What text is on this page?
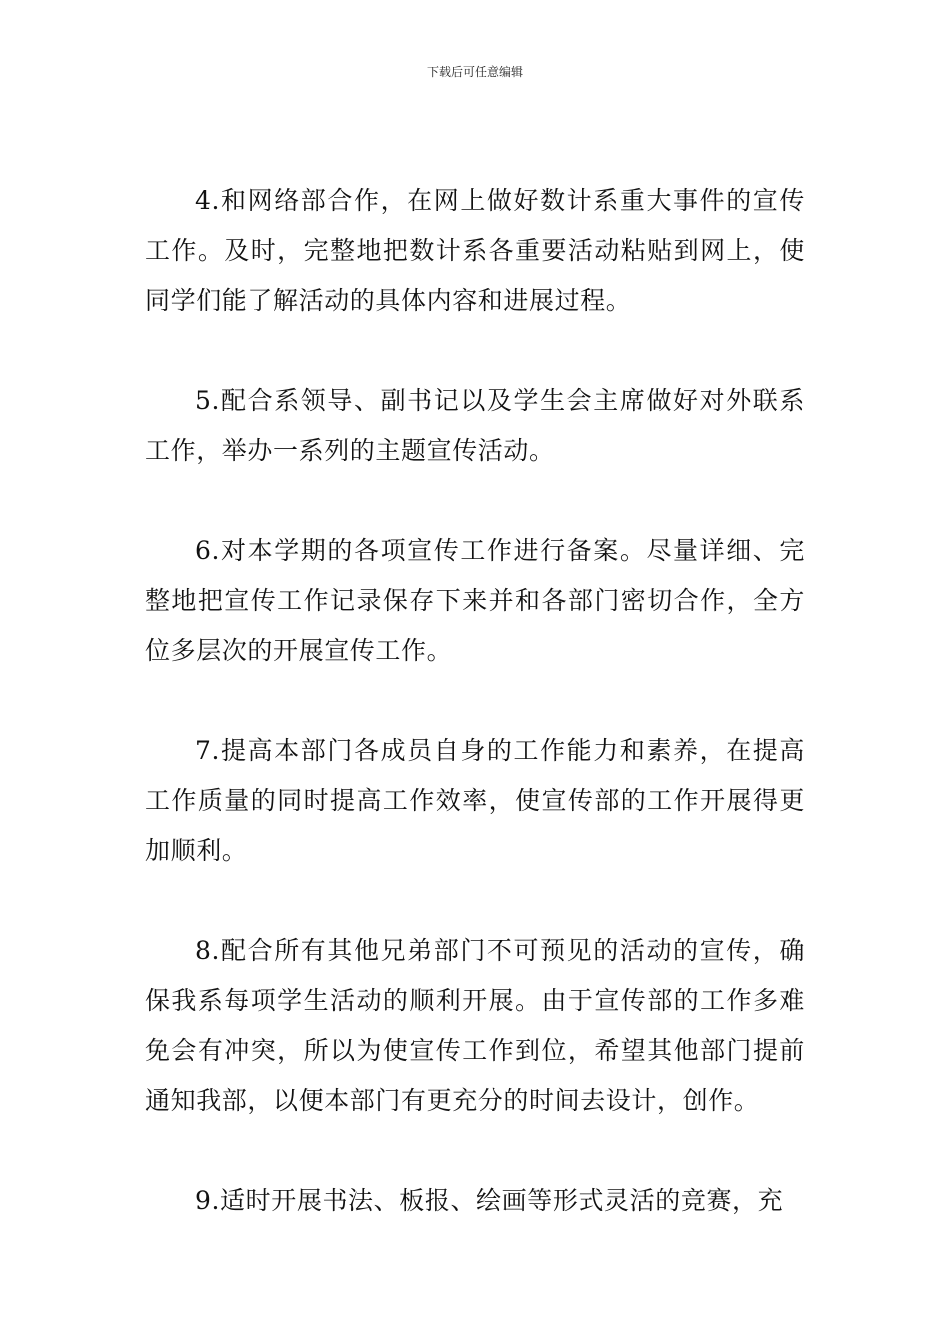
下载后可任意编辑

4.和网络部合作，在网上做好数计系重大事件的宣传工作。及时，完整地把数计系各重要活动粘贴到网上，使同学们能了解活动的具体内容和进展过程。

5.配合系领导、副书记以及学生会主席做好对外联系工作，举办一系列的主题宣传活动。

6.对本学期的各项宣传工作进行备案。尽量详细、完整地把宣传工作记录保存下来并和各部门密切合作，全方位多层次的开展宣传工作。

7.提高本部门各成员自身的工作能力和素养，在提高工作质量的同时提高工作效率，使宣传部的工作开展得更加顺利。

8.配合所有其他兄弟部门不可预见的活动的宣传，确保我系每项学生活动的顺利开展。由于宣传部的工作多难免会有冲突，所以为使宣传工作到位，希望其他部门提前通知我部，以便本部门有更充分的时间去设计，创作。

9.适时开展书法、板报、绘画等形式灵活的竞赛，充
